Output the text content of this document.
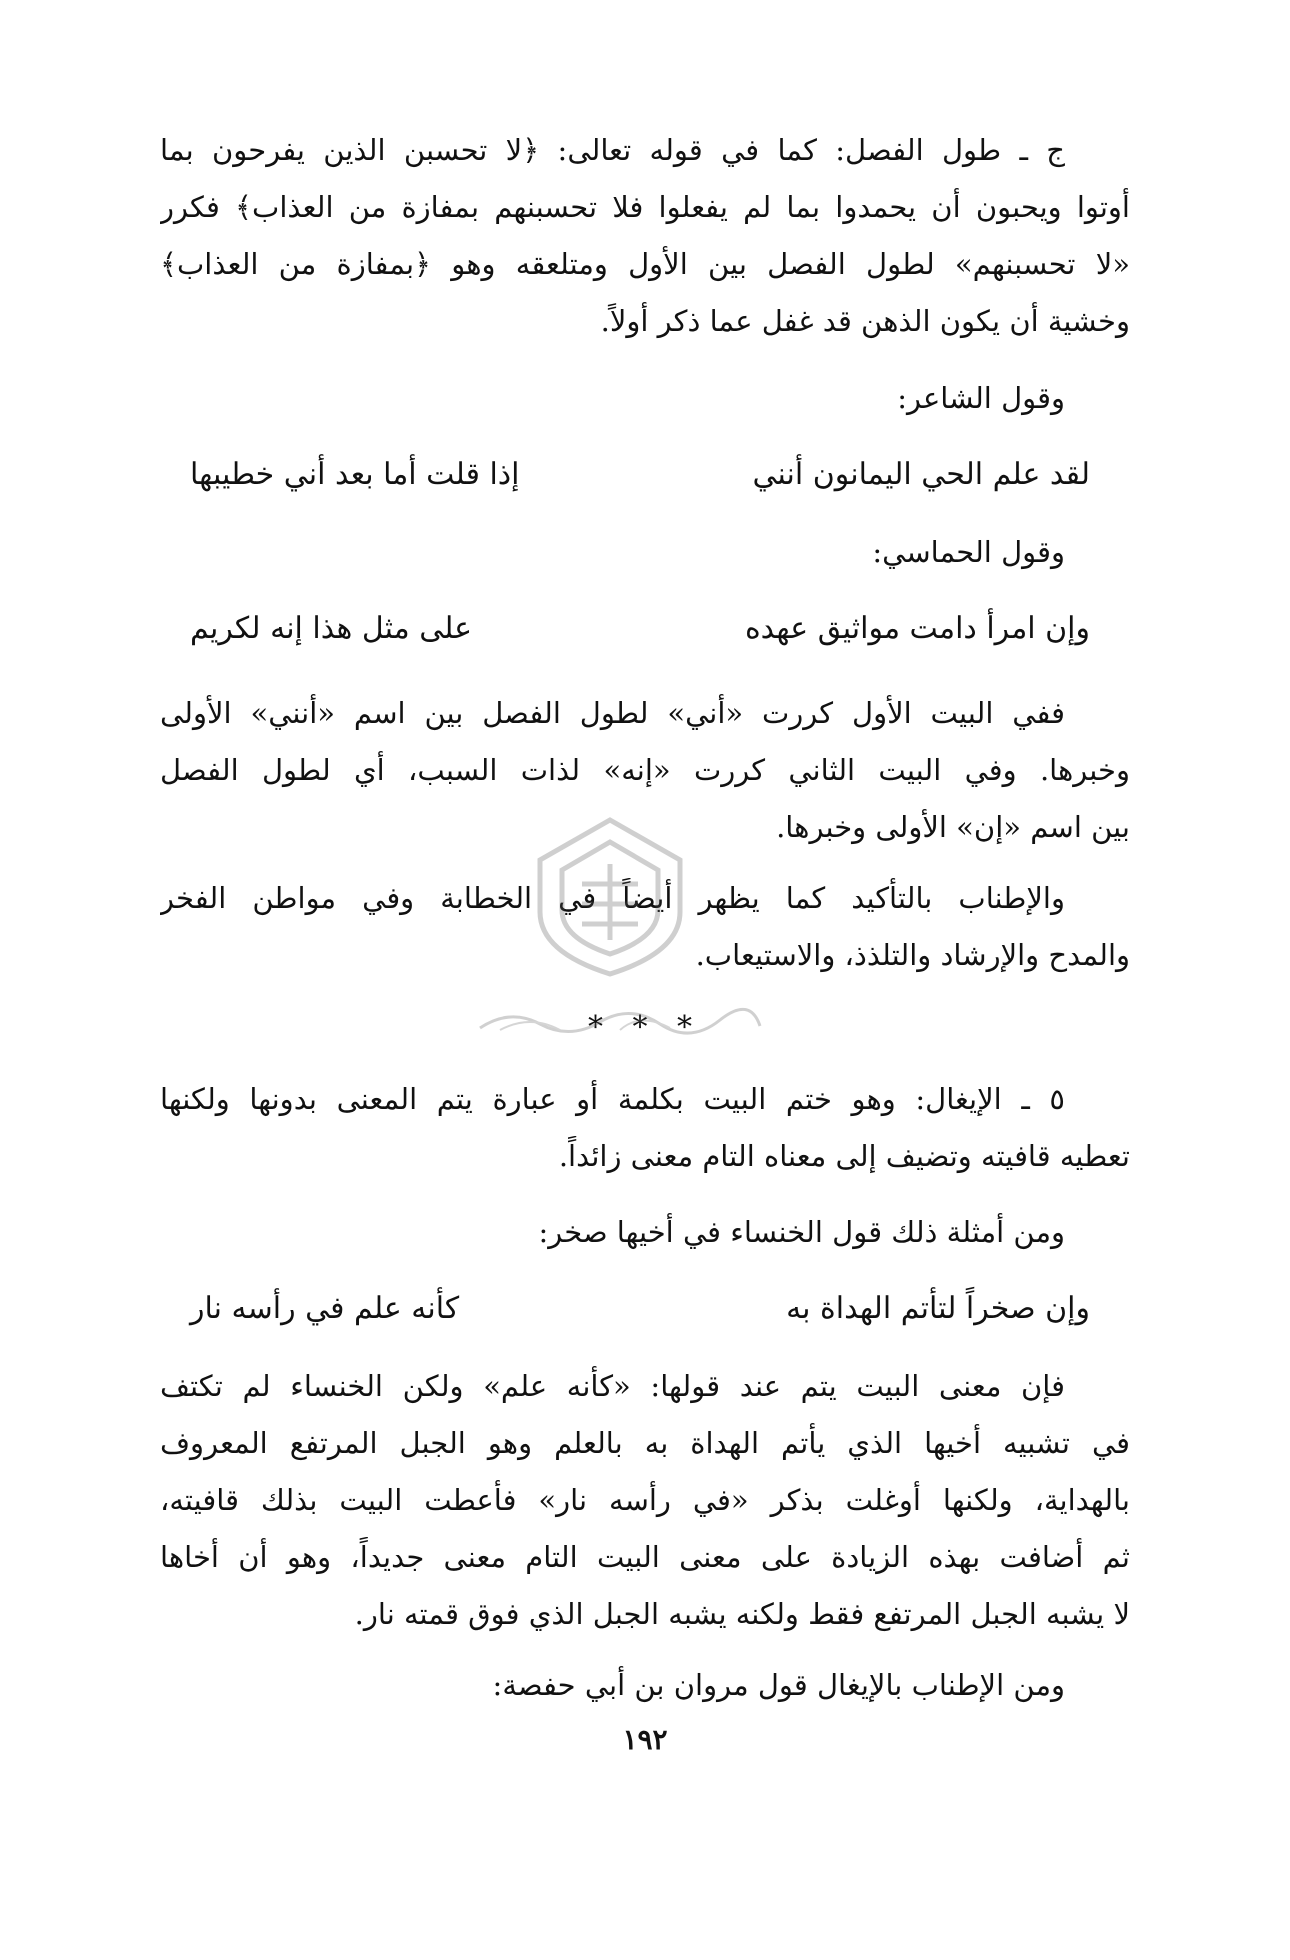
ج ـ طول الفصل: كما في قوله تعالى: ﴿لا تحسبن الذين يفرحون بما
أوتوا ويحبون أن يحمدوا بما لم يفعلوا فلا تحسبنهم بمفازة من العذاب﴾ فكرر
«لا تحسبنهم» لطول الفصل بين الأول ومتلعقه وهو ﴿بمفازة من العذاب﴾
وخشية أن يكون الذهن قد غفل عما ذكر أولاً.
وقول الشاعر:
لقد علم الحي اليمانون أنني
إذا قلت أما بعد أني خطيبها
وقول الحماسي:
وإن امرأ دامت مواثيق عهده
على مثل هذا إنه لكريم
ففي البيت الأول كررت «أني» لطول الفصل بين اسم «أنني» الأولى
وخبرها. وفي البيت الثاني كررت «إنه» لذات السبب، أي لطول الفصل
بين اسم «إن» الأولى وخبرها.
والإطناب بالتأكيد كما يظهر أيضاً في الخطابة وفي مواطن الفخر
والمدح والإرشاد والتلذذ، والاستيعاب.
* * *
٥ ـ الإيغال: وهو ختم البيت بكلمة أو عبارة يتم المعنى بدونها ولكنها
تعطيه قافيته وتضيف إلى معناه التام معنى زائداً.
ومن أمثلة ذلك قول الخنساء في أخيها صخر:
وإن صخراً لتأتم الهداة به
كأنه علم في رأسه نار
فإن معنى البيت يتم عند قولها: «كأنه علم» ولكن الخنساء لم تكتف
في تشبيه أخيها الذي يأتم الهداة به بالعلم وهو الجبل المرتفع المعروف
بالهداية، ولكنها أوغلت بذكر «في رأسه نار» فأعطت البيت بذلك قافيته،
ثم أضافت بهذه الزيادة على معنى البيت التام معنى جديداً، وهو أن أخاها
لا يشبه الجبل المرتفع فقط ولكنه يشبه الجبل الذي فوق قمته نار.
ومن الإطناب بالإيغال قول مروان بن أبي حفصة:
١٩٢
